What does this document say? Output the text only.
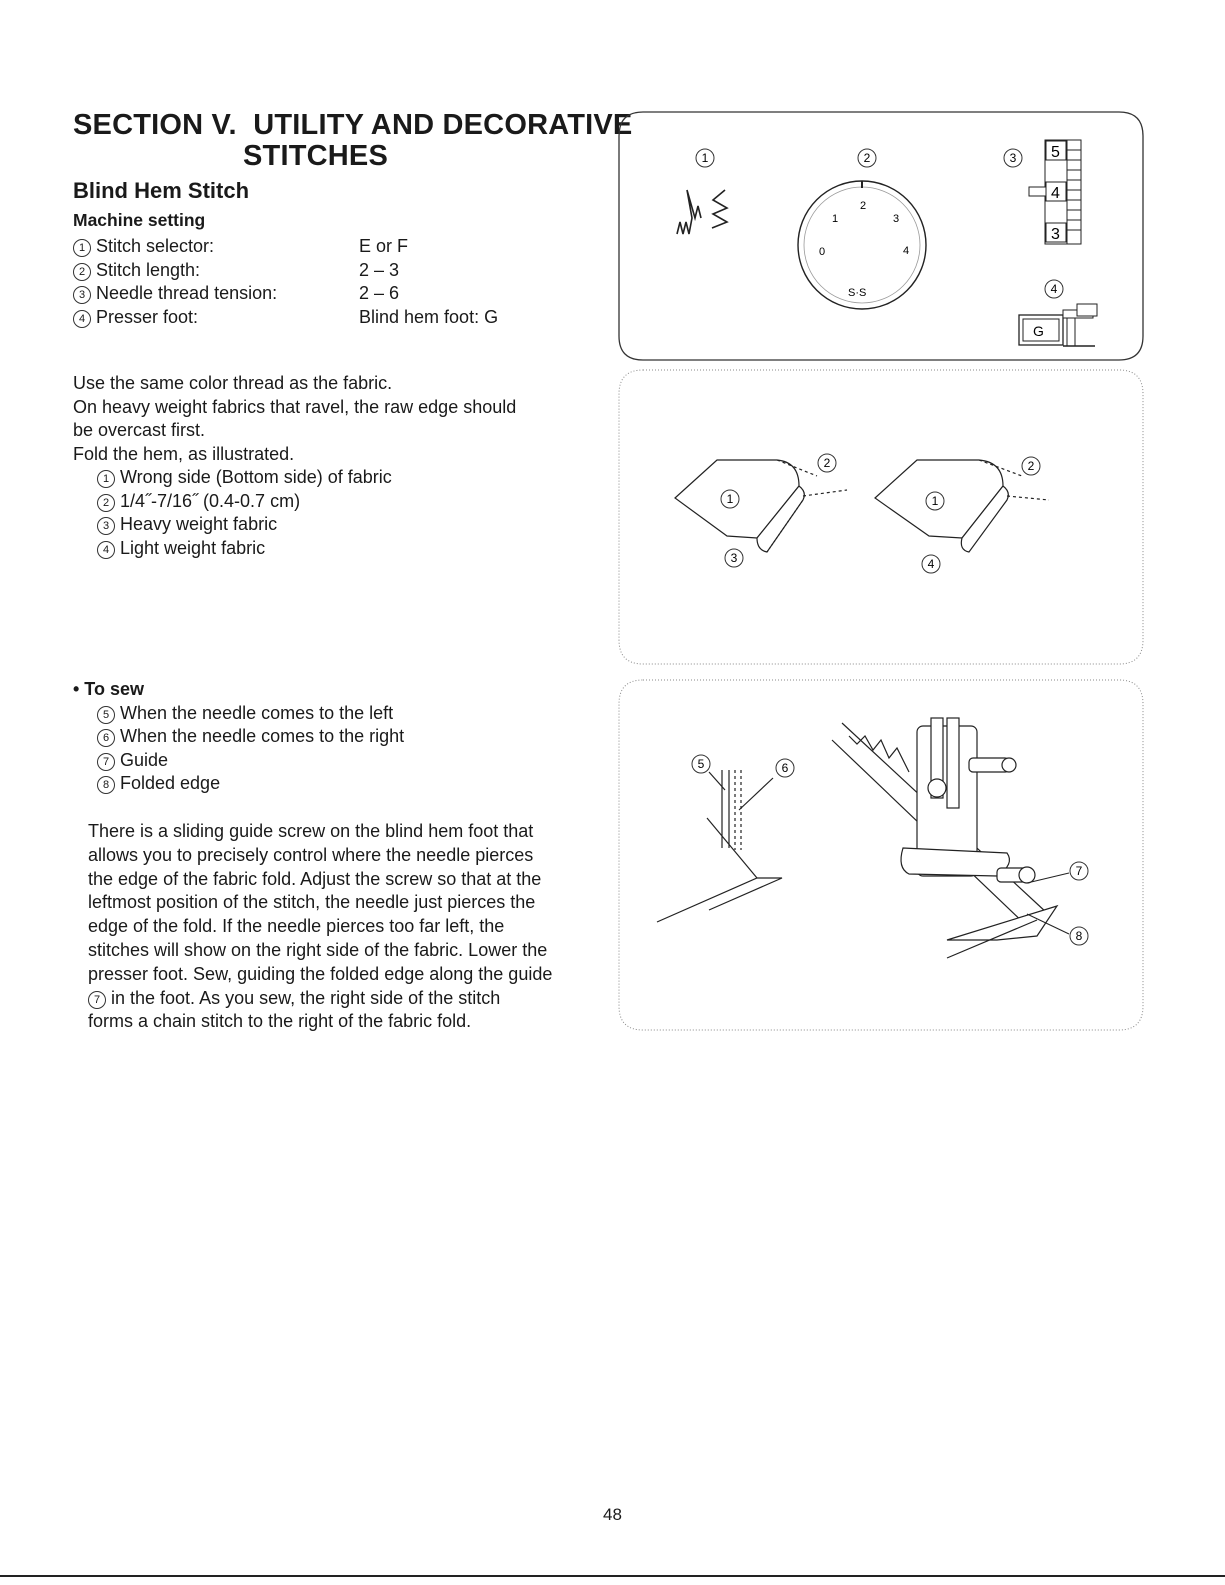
SECTION V.  UTILITY AND DECORATIVE
STITCHES
Blind Hem Stitch
Machine setting
1 Stitch selector:	E or F
2 Stitch length:	2 – 3
3 Needle thread tension:	2 – 6
4 Presser foot:	Blind hem foot: G
Use the same color thread as the fabric.
On heavy weight fabrics that ravel, the raw edge should
be overcast first.
Fold the hem, as illustrated.
1 Wrong side (Bottom side) of fabric
2 1/4˝-7/16˝ (0.4-0.7 cm)
3 Heavy weight fabric
4 Light weight fabric
• To sew
5 When the needle comes to the left
6 When the needle comes to the right
7 Guide
8 Folded edge
There is a sliding guide screw on the blind hem foot that
allows you to precisely control where the needle pierces
the edge of the fabric fold. Adjust the screw so that at the
leftmost position of the stitch, the needle just pierces the
edge of the fold. If the needle pierces too far left, the
stitches will show on the right side of the fabric. Lower the
presser foot. Sew, guiding the folded edge along the guide
7 in the foot. As you sew, the right side of the stitch
forms a chain stitch to the right of the fabric fold.
1	2	3
4
0
1
2
3
4
S·S
5
4
3
G
2
1
3
2
1
4
5	6
7
8
48
